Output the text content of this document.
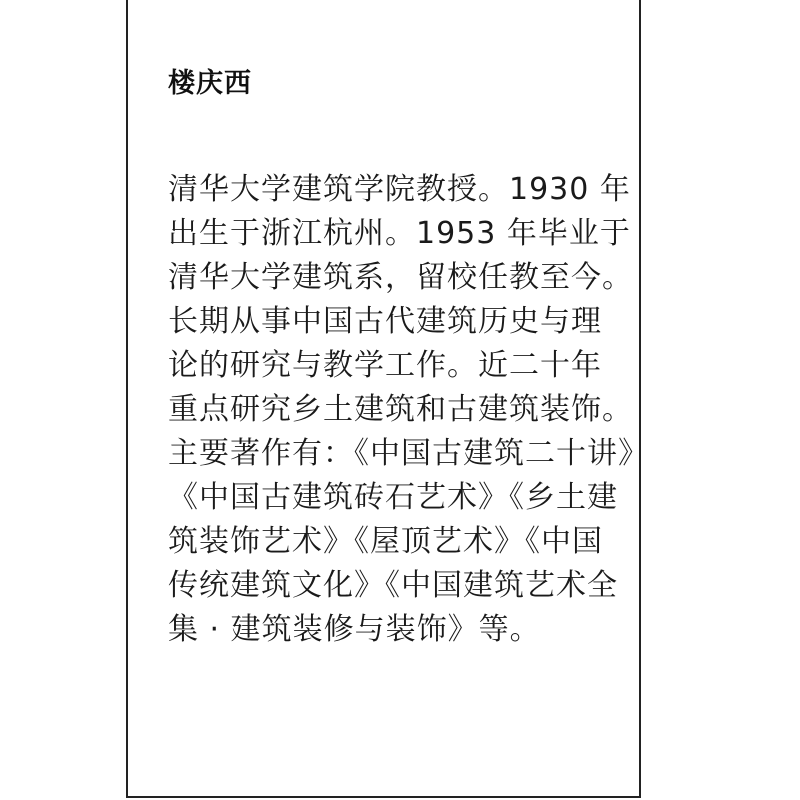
楼庆西
清华大学建筑学院教授。1930 年
出生于浙江杭州。1953 年毕业于
清华大学建筑系，留校任教至今。
长期从事中国古代建筑历史与理
论的研究与教学工作。近二十年
重点研究乡土建筑和古建筑装饰。
主要著作有：《中国古建筑二十讲》
《中国古建筑砖石艺术》《乡土建
筑装饰艺术》《屋顶艺术》《中国
传统建筑文化》《中国建筑艺术全
集 · 建筑装修与装饰》等。
